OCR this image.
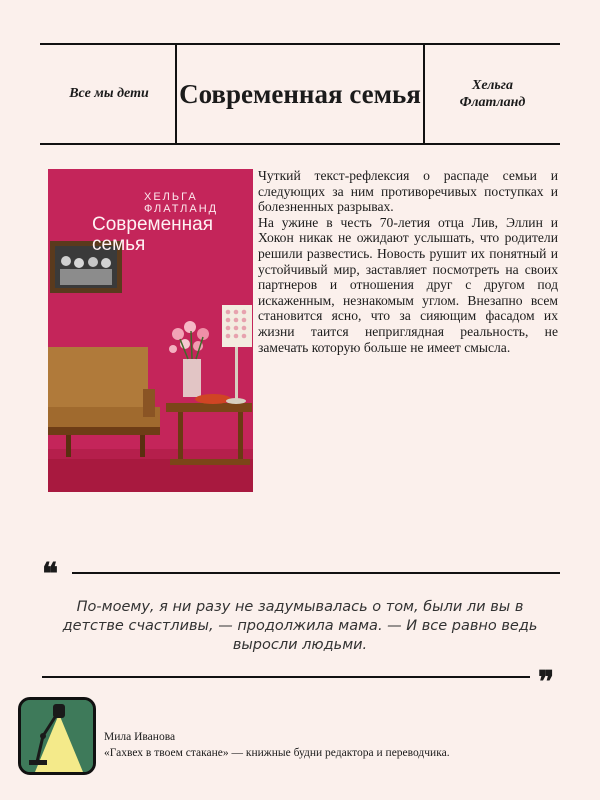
Все мы дети Современная семья	Хельга
Флатланд
ХЕЛЬГА ФЛАТЛАНД
Современная
семья

Чуткий текст-рефлексия о распаде семьи и следующих за ним противоречивых поступках и болезненных разрывах.

На ужине в честь 70-летия отца Лив, Эллин и Хокон никак не ожидают услышать, что родители решили развестись. Новость рушит их понятный и устойчивый мир, заставляет посмотреть на своих партнеров и отношения друг с другом под искаженным, незнакомым углом. Внезапно всем становится ясно, что за сияющим фасадом их жизни таится неприглядная реальность, не замечать которую больше не имеет смысла.

❝
По-моему, я ни разу не задумывалась о том, были ли вы в детстве счастливы, — продолжила мама. — И все равно ведь выросли людьми.
❞
Мила Иванова
«Гахвех в твоем стакане» — книжные будни редактора и переводчика.
